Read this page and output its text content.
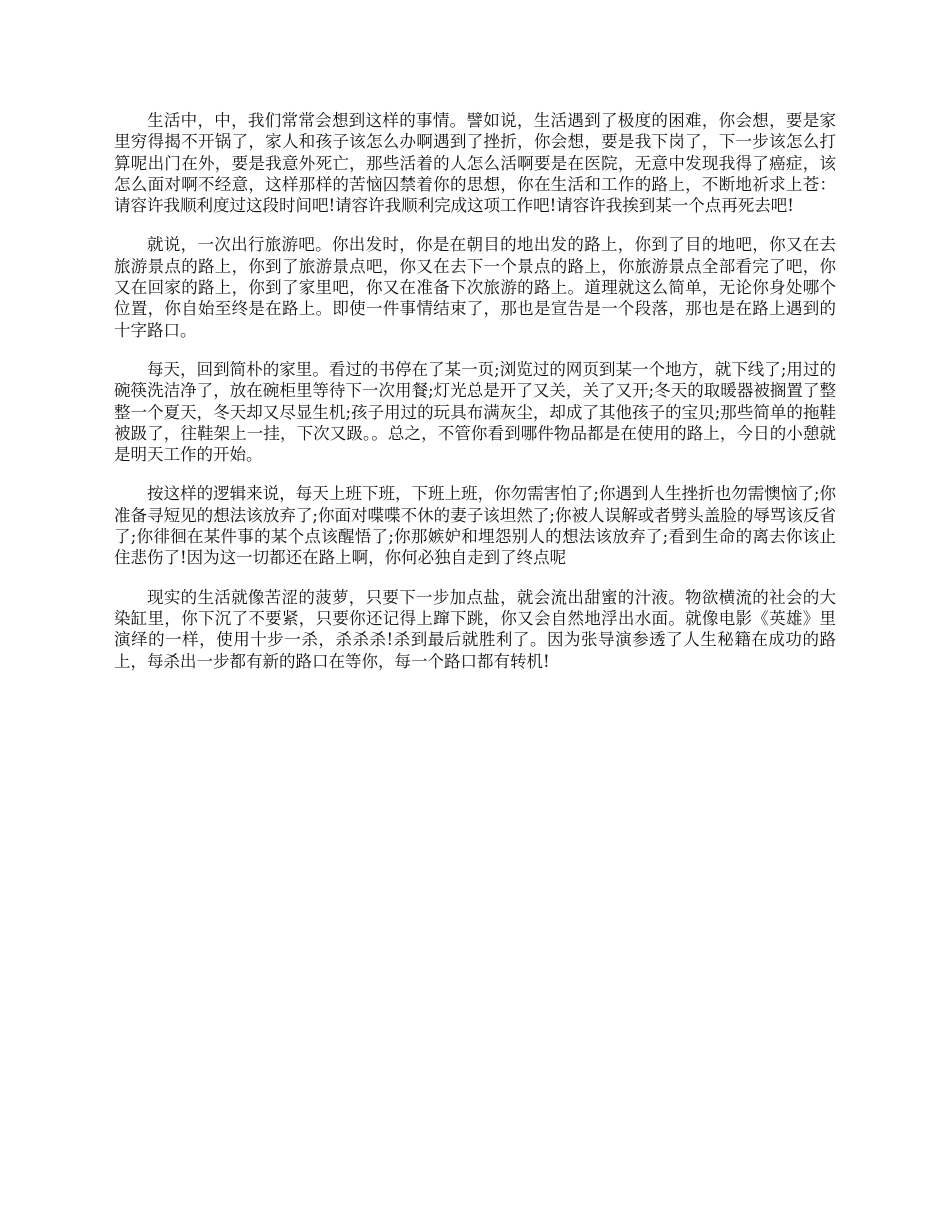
生活中，中，我们常常会想到这样的事情。譬如说，生活遇到了极度的困难，你会想，要是家里穷得揭不开锅了，家人和孩子该怎么办啊遇到了挫折，你会想，要是我下岗了，下一步该怎么打算呢出门在外，要是我意外死亡，那些活着的人怎么活啊要是在医院，无意中发现我得了癌症，该怎么面对啊不经意，这样那样的苦恼囚禁着你的思想，你在生活和工作的路上，不断地祈求上苍：请容许我顺利度过这段时间吧!请容许我顺利完成这项工作吧!请容许我挨到某一个点再死去吧!

就说，一次出行旅游吧。你出发时，你是在朝目的地出发的路上，你到了目的地吧，你又在去旅游景点的路上，你到了旅游景点吧，你又在去下一个景点的路上，你旅游景点全部看完了吧，你又在回家的路上，你到了家里吧，你又在准备下次旅游的路上。道理就这么简单，无论你身处哪个位置，你自始至终是在路上。即使一件事情结束了，那也是宣告是一个段落，那也是在路上遇到的十字路口。

每天，回到简朴的家里。看过的书停在了某一页;浏览过的网页到某一个地方，就下线了;用过的碗筷洗洁净了，放在碗柜里等待下一次用餐;灯光总是开了又关，关了又开;冬天的取暖器被搁置了整整一个夏天，冬天却又尽显生机;孩子用过的玩具布满灰尘，却成了其他孩子的宝贝;那些简单的拖鞋被趿了，往鞋架上一挂，下次又趿。。总之，不管你看到哪件物品都是在使用的路上，今日的小憩就是明天工作的开始。

按这样的逻辑来说，每天上班下班，下班上班，你勿需害怕了;你遇到人生挫折也勿需懊恼了;你准备寻短见的想法该放弃了;你面对喋喋不休的妻子该坦然了;你被人误解或者劈头盖脸的辱骂该反省了;你徘徊在某件事的某个点该醒悟了;你那嫉妒和埋怨别人的想法该放弃了;看到生命的离去你该止住悲伤了!因为这一切都还在路上啊，你何必独自走到了终点呢

现实的生活就像苦涩的菠萝，只要下一步加点盐，就会流出甜蜜的汁液。物欲横流的社会的大染缸里，你下沉了不要紧，只要你还记得上蹿下跳，你又会自然地浮出水面。就像电影《英雄》里演绎的一样，使用十步一杀，杀杀杀!杀到最后就胜利了。因为张导演参透了人生秘籍在成功的路上，每杀出一步都有新的路口在等你，每一个路口都有转机!
